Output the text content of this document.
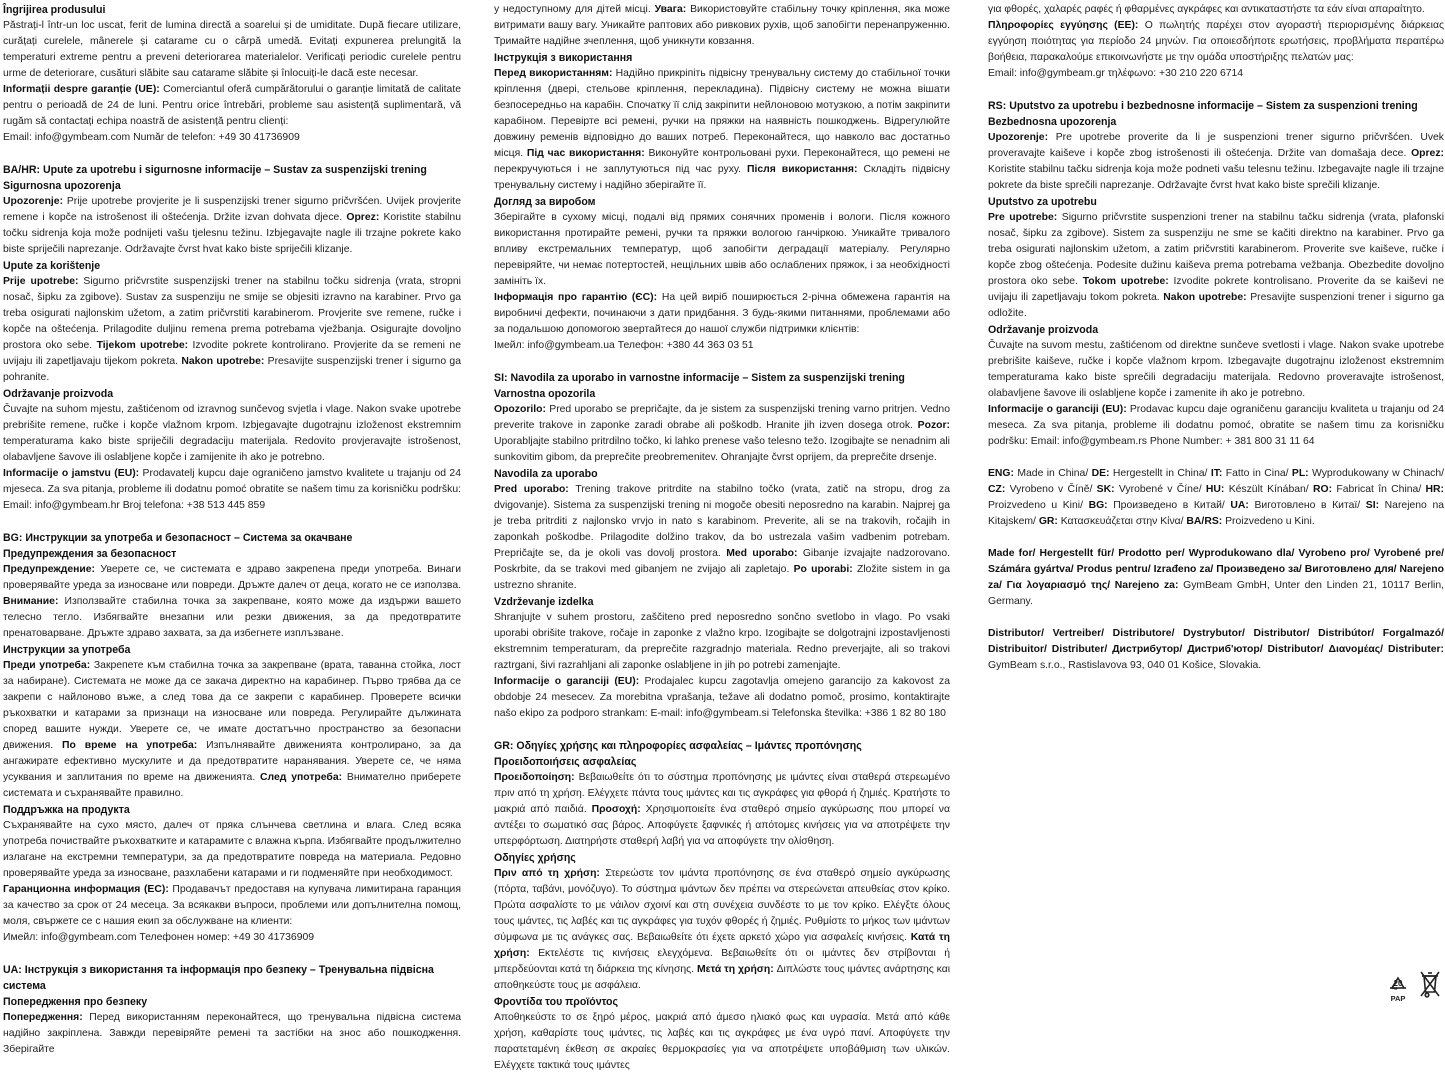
Îngrijirea produsului

Păstrați-l într-un loc uscat, ferit de lumina directă a soarelui și de umiditate. După fiecare utilizare, curățați curelele, mânerele și catarame cu o cârpă umedă. Evitați expunerea prelungită la temperaturi extreme pentru a preveni deteriorarea materialelor. Verificați periodic curelele pentru urme de deteriorare, cusături slăbite sau catarame slăbite și înlocuiți-le dacă este necesar.

Informații despre garanție (UE): Comerciantul oferă cumpărătorului o garanție limitată de calitate pentru o perioadă de 24 de luni. Pentru orice întrebări, probleme sau asistență suplimentară, vă rugăm să contactați echipa noastră de asistență pentru clienți:

Email: info@gymbeam.com Număr de telefon: +49 30 41736909

BA/HR: Upute za upotrebu i sigurnosne informacije – Sustav za suspenzijski trening
Sigurnosna upozorenja

Upozorenje: Prije upotrebe provjerite je li suspenzijski trener sigurno pričvršćen. Uvijek provjerite remene i kopče na istrošenost ili oštećenja. Držite izvan dohvata djece. Oprez: Koristite stabilnu točku sidrenja koja može podnijeti vašu tjelesnu težinu. Izbjegavajte nagle ili trzajne pokrete kako biste spriječili naprezanje. Održavajte čvrst hvat kako biste spriječili klizanje.

Upute za korištenje

Prije upotrebe: Sigurno pričvrstite suspenzijski trener na stabilnu točku sidrenja (vrata, stropni nosač, šipku za zgibove). Sustav za suspenziju ne smije se objesiti izravno na karabiner. Prvo ga treba osigurati najlonskim užetom, a zatim pričvrstiti karabinerom. Provjerite sve remene, ručke i kopče na oštećenja. Prilagodite duljinu remena prema potrebama vježbanja. Osigurajte dovoljno prostora oko sebe. Tijekom upotrebe: Izvodite pokrete kontrolirano. Provjerite da se remeni ne uvijaju ili zapetljavaju tijekom pokreta. Nakon upotrebe: Presavijte suspenzijski trener i sigurno ga pohranite.

Održavanje proizvoda

Čuvajte na suhom mjestu, zaštićenom od izravnog sunčevog svjetla i vlage. Nakon svake upotrebe prebrišite remene, ručke i kopče vlažnom krpom. Izbjegavajte dugotrajnu izloženost ekstremnim temperaturama kako biste spriječili degradaciju materijala. Redovito provjeravajte istrošenost, olabavljene šavove ili oslabljene kopče i zamijenite ih ako je potrebno.

Informacije o jamstvu (EU): Prodavatelj kupcu daje ograničeno jamstvo kvalitete u trajanju od 24 mjeseca. Za sva pitanja, probleme ili dodatnu pomoć obratite se našem timu za korisničku podršku: Email: info@gymbeam.hr Broj telefona: +38 513 445 859

BG: Инструкции за употреба и безопасност – Система за окачване
Предупреждения за безопасност

Предупреждение: Уверете се, че системата е здраво закрепена преди употреба. Винаги проверявайте уреда за износване или повреди. Дръжте далеч от деца, когато не се използва. Внимание: Използвайте стабилна точка за закрепване, която може да издържи вашето телесно тегло. Избягвайте внезапни или резки движения, за да предотвратите пренатоварване. Дръжте здраво захвата, за да избегнете изплъзване.

Инструкции за употреба

Преди употреба: Закрепете към стабилна точка за закрепване (врата, таванна стойка, лост за набиране). Системата не може да се закача директно на карабинер. Първо трябва да се закрепи с найлоново въже, а след това да се закрепи с карабинер. Проверете всички ръкохватки и катарами за признаци на износване или повреда. Регулирайте дължината според вашите нужди. Уверете се, че имате достатъчно пространство за безопасни движения. По време на употреба: Изпълнявайте движенията контролирано, за да ангажирате ефективно мускулите и да предотвратите наранявания. Уверете се, че няма усуквания и заплитания по време на движенията. След употреба: Внимателно приберете системата и съхранявайте правилно.

Поддръжка на продукта

Съхранявайте на сухо място, далеч от пряка слънчева светлина и влага. След всяка употреба почиствайте ръкохватките и катарамите с влажна кърпа. Избягвайте продължително излагане на екстремни температури, за да предотвратите повреда на материала. Редовно проверявайте уреда за износване, разхлабени катарами и ги подменяйте при необходимост.

Гаранционна информация (ЕС): Продавачът предоставя на купувача лимитирана гаранция за качество за срок от 24 месеца. За всякакви въпроси, проблеми или допълнителна помощ, моля, свържете се с нашия екип за обслужване на клиенти:

Имейл: info@gymbeam.com Телефонен номер: +49 30 41736909

UA: Інструкція з використання та інформація про безпеку – Тренувальна підвісна система
Попередження про безпеку

Попередження: Перед використанням переконайтеся, що тренувальна підвісна система надійно закріплена. Завжди перевіряйте ремені та застібки на знос або пошкодження. Зберігайте

у недоступному для дітей місці. Увага: Використовуйте стабільну точку кріплення, яка може витримати вашу вагу. Уникайте раптових або ривкових рухів, щоб запобігти перенапруженню. Тримайте надійне зчеплення, щоб уникнути ковзання.

Інструкція з використання

Перед використанням: Надійно прикріпіть підвісну тренувальну систему до стабільної точки кріплення (двері, стельове кріплення, перекладина). Підвісну систему не можна вішати безпосередньо на карабін. Спочатку її слід закріпити нейлоновою мотузкою, а потім закріпити карабіном. Перевірте всі ремені, ручки на пряжки на наявність пошкоджень. Відрегулюйте довжину ременів відповідно до ваших потреб. Переконайтеся, що навколо вас достатньо місця. Під час використання: Виконуйте контрольовані рухи. Переконайтеся, що ремені не перекручуються і не заплутуються під час руху. Після використання: Складіть підвісну тренувальну систему і надійно зберігайте її.

Догляд за виробом

Зберігайте в сухому місці, подалі від прямих сонячних променів і вологи. Після кожного використання протирайте ремені, ручки та пряжки вологою ганчіркою. Уникайте тривалого впливу екстремальних температур, щоб запобігти деградації матеріалу. Регулярно перевіряйте, чи немає потертостей, нещільних швів або ослаблених пряжок, і за необхідності замініть їх.

Інформація про гарантію (ЄС): На цей виріб поширюється 2-річна обмежена гарантія на виробничі дефекти, починаючи з дати придбання. З будь-якими питаннями, проблемами або за подальшою допомогою звертайтеся до нашої служби підтримки клієнтів:

Імейл: info@gymbeam.ua Телефон: +380 44 363 03 51

SI: Navodila za uporabo in varnostne informacije – Sistem za suspenzijski trening
Varnostna opozorila

Opozorilo: Pred uporabo se prepričajte, da je sistem za suspenzijski trening varno pritrjen. Vedno preverite trakove in zaponke zaradi obrabe ali poškodb. Hranite jih izven dosega otrok. Pozor: Uporabljajte stabilno pritrdilno točko, ki lahko prenese vašo telesno težo. Izogibajte se nenadnim ali sunkovitim gibom, da preprečite preobremenitev. Ohranjajte čvrst oprijem, da preprečite drsenje.

Navodila za uporabo

Pred uporabo: Trening trakove pritrdite na stabilno točko (vrata, zatič na stropu, drog za dvigovanje). Sistema za suspenzijski trening ni mogoče obesiti neposredno na karabin. Najprej ga je treba pritrditi z najlonsko vrvjo in nato s karabinom. Preverite, ali se na trakovih, ročajih in zaponkah poškodbe. Prilagodite dolžino trakov, da bo ustrezala vašim vadbenim potrebam. Prepričajte se, da je okoli vas dovolj prostora. Med uporabo: Gibanje izvajajte nadzorovano. Poskrbite, da se trakovi med gibanjem ne zvijajo ali zapletajo. Po uporabi: Zložite sistem in ga ustrezno shranite.

Vzdrževanje izdelka

Shranjujte v suhem prostoru, zaščiteno pred neposredno sončno svetlobo in vlago. Po vsaki uporabi obrišite trakove, ročaje in zaponke z vlažno krpo. Izogibajte se dolgotrajni izpostavljenosti ekstremnim temperaturam, da preprečite razgradnjo materiala. Redno preverjajte, ali so trakovi raztrgani, šivi razrahljani ali zaponke oslabljene in jih po potrebi zamenjajte.

Informacije o garanciji (EU): Prodajalec kupcu zagotavlja omejeno garancijo za kakovost za obdobje 24 mesecev. Za morebitna vprašanja, težave ali dodatno pomoč, prosimo, kontaktirajte našo ekipo za podporo strankam: E-mail: info@gymbeam.si Telefonska številka: +386 1 82 80 180

GR: Οδηγίες χρήσης και πληροφορίες ασφαλείας – Ιμάντες προπόνησης
Προειδοποιήσεις ασφαλείας

Προειδοποίηση: Βεβαιωθείτε ότι το σύστημα προπόνησης με ιμάντες είναι σταθερά στερεωμένο πριν από τη χρήση. Ελέγχετε πάντα τους ιμάντες και τις αγκράφες για φθορά ή ζημιές. Κρατήστε το μακριά από παιδιά. Προσοχή: Χρησιμοποιείτε ένα σταθερό σημείο αγκύρωσης που μπορεί να αντέξει το σωματικό σας βάρος. Αποφύγετε ξαφνικές ή απότομες κινήσεις για να αποτρέψετε την υπερφόρτωση. Διατηρήστε σταθερή λαβή για να αποφύγετε την ολίσθηση.

Οδηγίες χρήσης

Πριν από τη χρήση: Στερεώστε τον ιμάντα προπόνησης σε ένα σταθερό σημείο αγκύρωσης (πόρτα, ταβάνι, μονόζυγο). Το σύστημα ιμάντων δεν πρέπει να στερεώνεται απευθείας στον κρίκο. Πρώτα ασφαλίστε το με νάιλον σχοινί και στη συνέχεια συνδέστε το με τον κρίκο. Ελέγξτε όλους τους ιμάντες, τις λαβές και τις αγκράφες για τυχόν φθορές ή ζημιές. Ρυθμίστε το μήκος των ιμάντων σύμφωνα με τις ανάγκες σας. Βεβαιωθείτε ότι έχετε αρκετό χώρο για ασφαλείς κινήσεις. Κατά τη χρήση: Εκτελέστε τις κινήσεις ελεγχόμενα. Βεβαιωθείτε ότι οι ιμάντες δεν στρίβονται ή μπερδεύονται κατά τη διάρκεια της κίνησης. Μετά τη χρήση: Διπλώστε τους ιμάντες ανάρτησης και αποθηκεύστε τους με ασφάλεια.

Φροντίδα του προϊόντος

Αποθηκεύστε το σε ξηρό μέρος, μακριά από άμεσο ηλιακό φως και υγρασία. Μετά από κάθε χρήση, καθαρίστε τους ιμάντες, τις λαβές και τις αγκράφες με ένα υγρό πανί. Αποφύγετε την παρατεταμένη έκθεση σε ακραίες θερμοκρασίες για να αποτρέψετε υποβάθμιση των υλικών. Ελέγχετε τακτικά τους ιμάντες

για φθορές, χαλαρές ραφές ή φθαρμένες αγκράφες και αντικαταστήστε τα εάν είναι απαραίτητο.

Πληροφορίες εγγύησης (ΕΕ): Ο πωλητής παρέχει στον αγοραστή περιορισμένης διάρκειας εγγύηση ποιότητας για περίοδο 24 μηνών. Για οποιεσδήποτε ερωτήσεις, προβλήματα περαιτέρω βοήθεια, παρακαλούμε επικοινωνήστε με την ομάδα υποστήριξης πελατών μας:

Email: info@gymbeam.gr τηλέφωνο: +30 210 220 6714

RS: Uputstvo za upotrebu i bezbednosne informacije – Sistem za suspenzioni trening
Bezbednosna upozorenja

Upozorenje: Pre upotrebe proverite da li je suspenzioni trener sigurno pričvršćen. Uvek proveravajte kaiševe i kopče zbog istrošenosti ili oštećenja. Držite van domašaja dece. Oprez: Koristite stabilnu tačku sidrenja koja može podneti vašu telesnu težinu. Izbegavajte nagle ili trzajne pokrete da biste sprečili naprezanje. Održavajte čvrst hvat kako biste sprečili klizanje.

Uputstvo za upotrebu

Pre upotrebe: Sigurno pričvrstite suspenzioni trener na stabilnu tačku sidrenja (vrata, plafonski nosač, šipku za zgibove). Sistem za suspenziju ne sme se kačiti direktno na karabiner. Prvo ga treba osigurati najlonskim užetom, a zatim pričvrstiti karabinerom. Proverite sve kaiševe, ručke i kopče zbog oštećenja. Podesite dužinu kaiševa prema potrebama vežbanja. Obezbedite dovoljno prostora oko sebe. Tokom upotrebe: Izvodite pokrete kontrolisano. Proverite da se kaiševi ne uvijaju ili zapetljavaju tokom pokreta. Nakon upotrebe: Presavijte suspenzioni trener i sigurno ga odložite.

Održavanje proizvoda

Čuvajte na suvom mestu, zaštićenom od direktne sunčeve svetlosti i vlage. Nakon svake upotrebe prebrišite kaiševe, ručke i kopče vlažnom krpom. Izbegavajte dugotrajnu izloženost ekstremnim temperaturama kako biste sprečili degradaciju materijala. Redovno proveravajte istrošenost, olabavljene šavove ili oslabljene kopče i zamenite ih ako je potrebno.

Informacije o garanciji (EU): Prodavac kupcu daje ograničenu garanciju kvaliteta u trajanju od 24 meseca. Za sva pitanja, probleme ili dodatnu pomoć, obratite se našem timu za korisničku podršku: Email: info@gymbeam.rs Phone Number: + 381 800 31 11 64

ENG: Made in China/ DE: Hergestellt in China/ IT: Fatto in Cina/ PL: Wyprodukowany w Chinach/ CZ: Vyrobeno v Číně/ SK: Vyrobené v Číne/ HU: Készült Kínában/ RO: Fabricat în China/ HR: Proizvedeno u Kini/ BG: Произведено в Китай/ UA: Виготовлено в Китаї/ SI: Narejeno na Kitajskem/ GR: Κατασκευάζεται στην Κίνα/ BA/RS: Proizvedeno u Kini.

Made for/ Hergestellt für/ Prodotto per/ Wyprodukowano dla/ Vyrobeno pro/ Vyrobené pre/ Számára gyártva/ Produs pentru/ Izrađeno za/ Произведено за/ Виготовлено для/ Narejeno za/ Για λογαριασμό της/ Narejeno za: GymBeam GmbH, Unter den Linden 21, 10117 Berlin, Germany.

Distributor/ Vertreiber/ Distributore/ Dystrybutor/ Distributor/ Distribútor/ Forgalmazó/ Distribuitor/ Distributer/ Дистрибутор/ Дистриб'ютор/ Distributor/ Διανομέας/ Distributer: GymBeam s.r.o., Rastislavova 93, 040 01 Košice, Slovakia.

20
PAP
